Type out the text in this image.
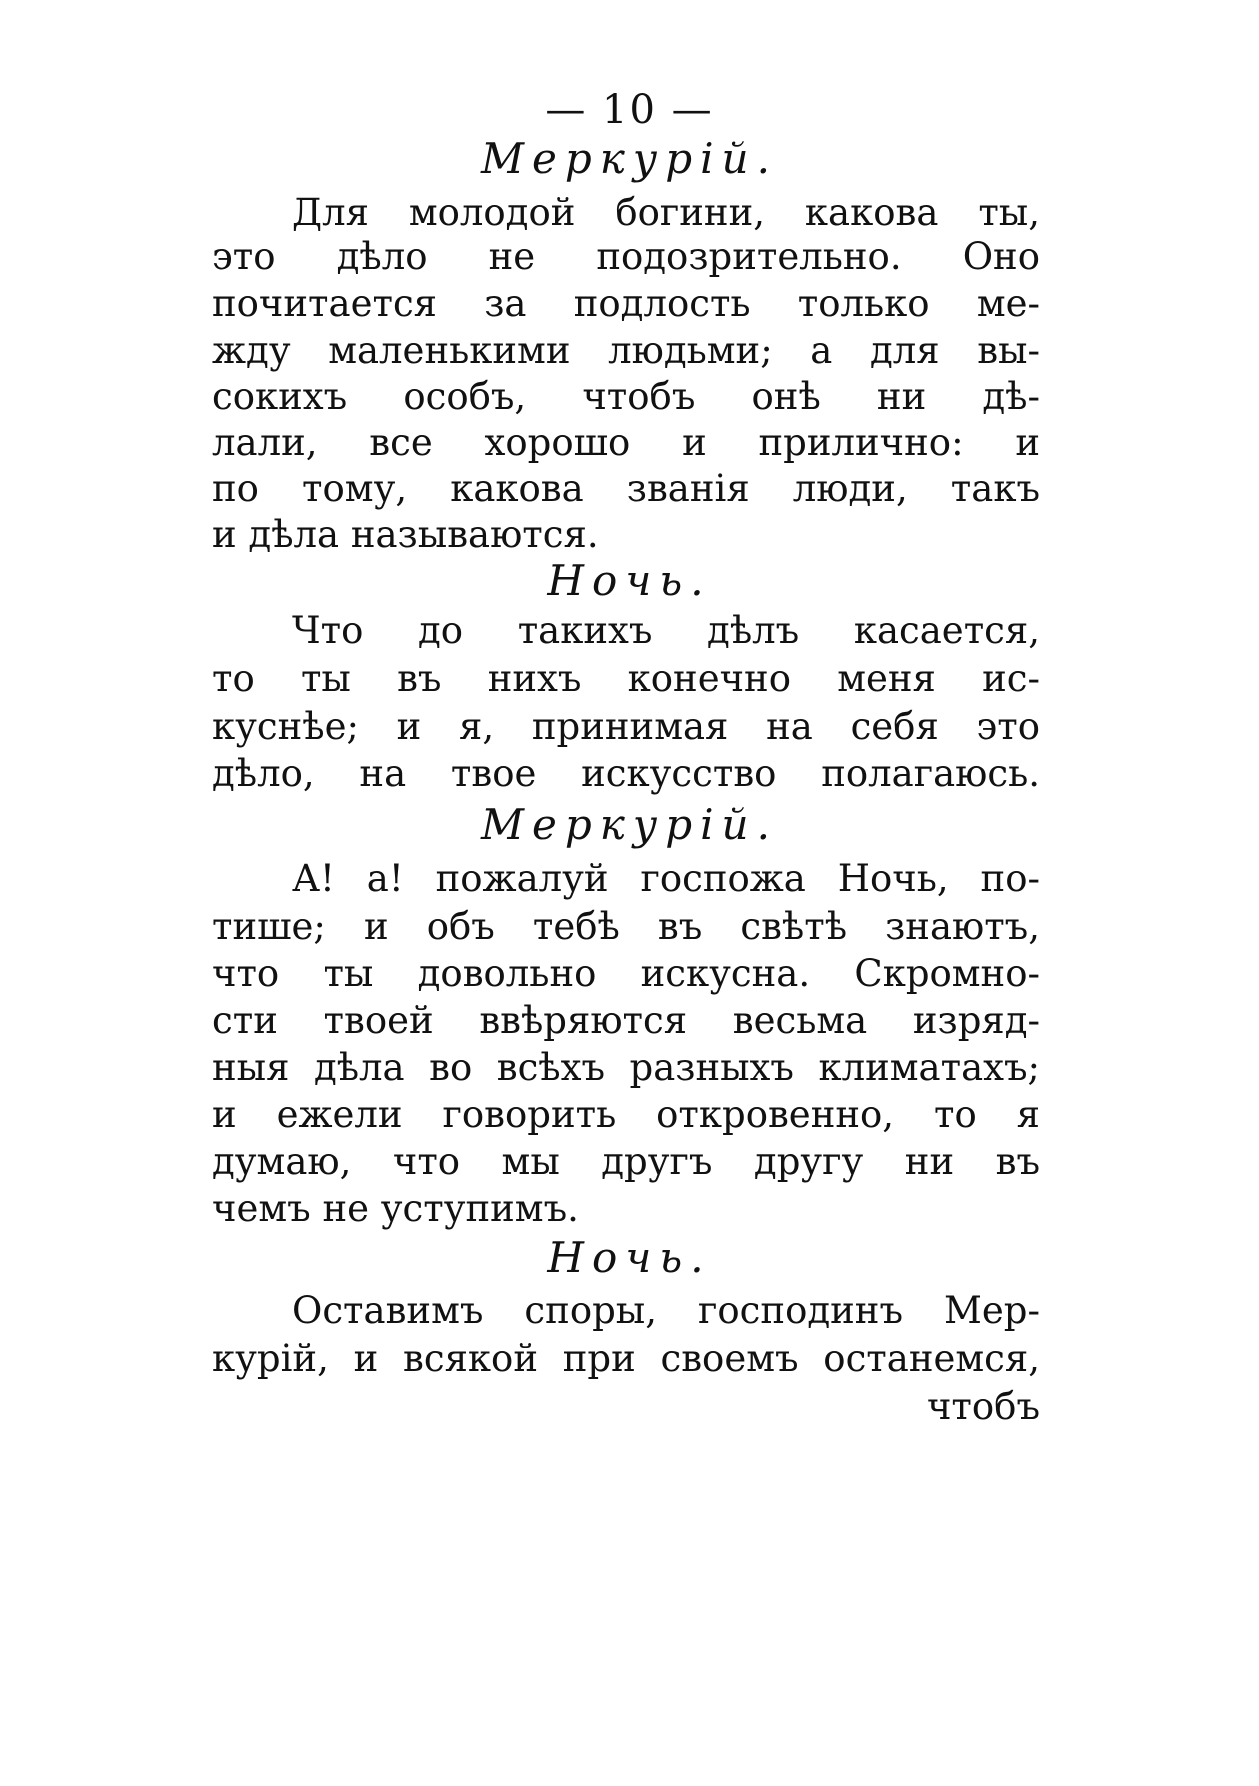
— 10 —
Меркурій.
Для молодой богини, какова ты,
это дѣло не подозрительно. Оно
почитается за подлость только ме-
жду маленькими людьми; а для вы-
сокихъ особъ, чтобъ онѣ ни дѣ-
лали, все хорошо и прилично: и
по тому, какова званія люди, такъ
и дѣла называются.
Ночь.
Что до такихъ дѣлъ касается,
то ты въ нихъ конечно меня ис-
куснѣе; и я, принимая на себя это
дѣло, на твое искусство полагаюсь.
Меркурій.
А! а! пожалуй госпожа Ночь, по-
тише; и объ тебѣ въ свѣтѣ знаютъ,
что ты довольно искусна. Скромно-
сти твоей ввѣряются весьма изряд-
ныя дѣла во всѣхъ разныхъ климатахъ;
и ежели говорить откровенно, то я
думаю, что мы другъ другу ни въ
чемъ не уступимъ.
Ночь.
Оставимъ споры, господинъ Мер-
курій, и всякой при своемъ останемся,
чтобъ
